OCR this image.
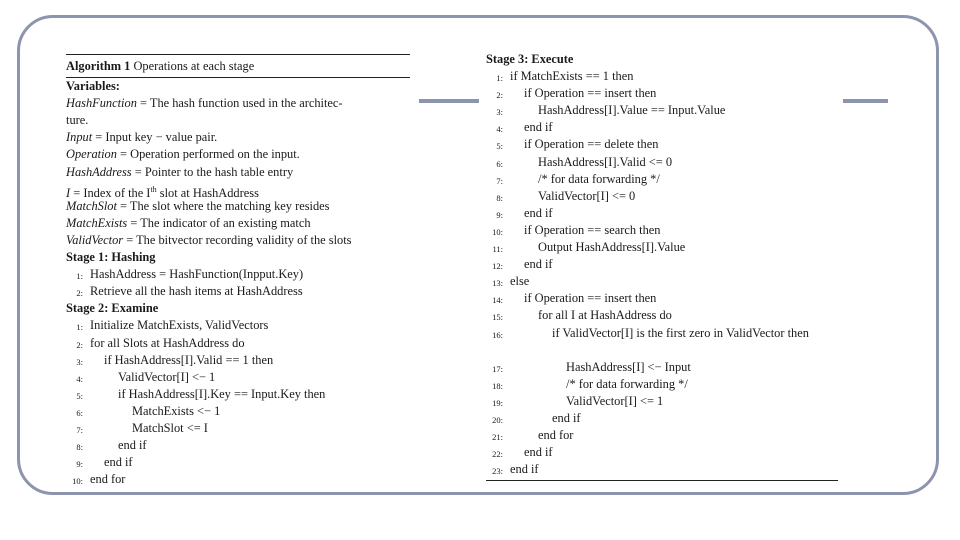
Algorithm 1 Operations at each stage
Variables:
HashFunction = The hash function used in the architec-
ture.
Input = Input key − value pair.
Operation = Operation performed on the input.
HashAddress = Pointer to the hash table entry
I = Index of the Ith slot at HashAddress
MatchSlot = The slot where the matching key resides
MatchExists = The indicator of an existing match
ValidVector = The bitvector recording validity of the slots
Stage 1: Hashing
1: HashAddress = HashFunction(Inpput.Key)
2: Retrieve all the hash items at HashAddress
Stage 2: Examine
1: Initialize MatchExists, ValidVectors
2: for all Slots at HashAddress do
3:	if HashAddress[I].Valid == 1 then
4:	ValidVector[I] <− 1
5:	if HashAddress[I].Key == Input.Key then
6:	MatchExists <− 1
7:	MatchSlot <= I
8:	end if
9:	end if
10: end for
Stage 3: Execute
1: if MatchExists == 1 then
2:	if Operation == insert then
3:	HashAddress[I].Value == Input.Value
4:	end if
5:	if Operation == delete then
6:	HashAddress[I].Valid <= 0
7:	/* for data forwarding */
8:	ValidVector[I] <= 0
9:	end if
10:	if Operation == search then
11:	Output HashAddress[I].Value
12:	end if
13: else
14:	if Operation == insert then
15:	for all I at HashAddress do
16:	if ValidVector[I] is the first zero in ValidVector then
17:	HashAddress[I] <− Input
18:	/* for data forwarding */
19:	ValidVector[I] <= 1
20:	end if
21:	end for
22:	end if
23: end if
